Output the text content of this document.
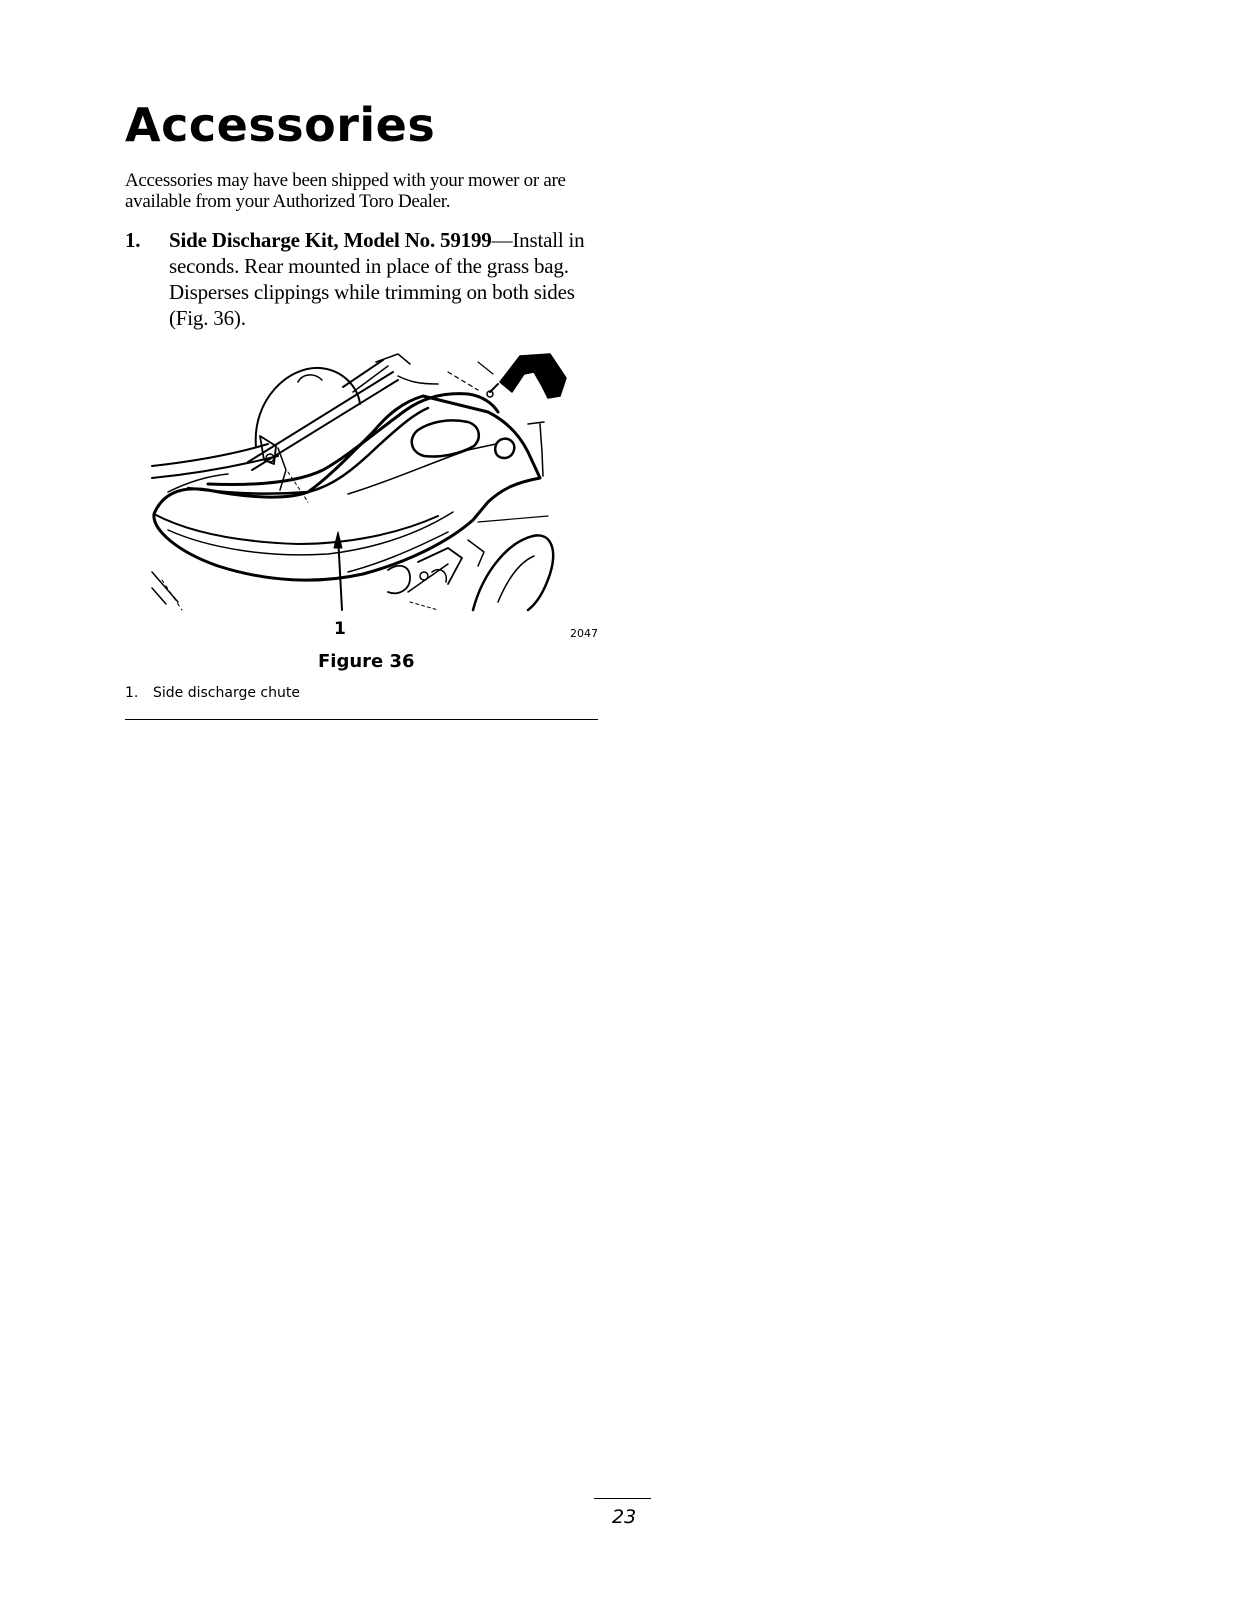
Accessories

Accessories may have been shipped with your mower or are available from your Authorized Toro Dealer.

1. Side Discharge Kit, Model No. 59199—Install in seconds. Rear mounted in place of the grass bag. Disperses clippings while trimming on both sides (Fig. 36).
1	2047
Figure 36
1. Side discharge chute
23
